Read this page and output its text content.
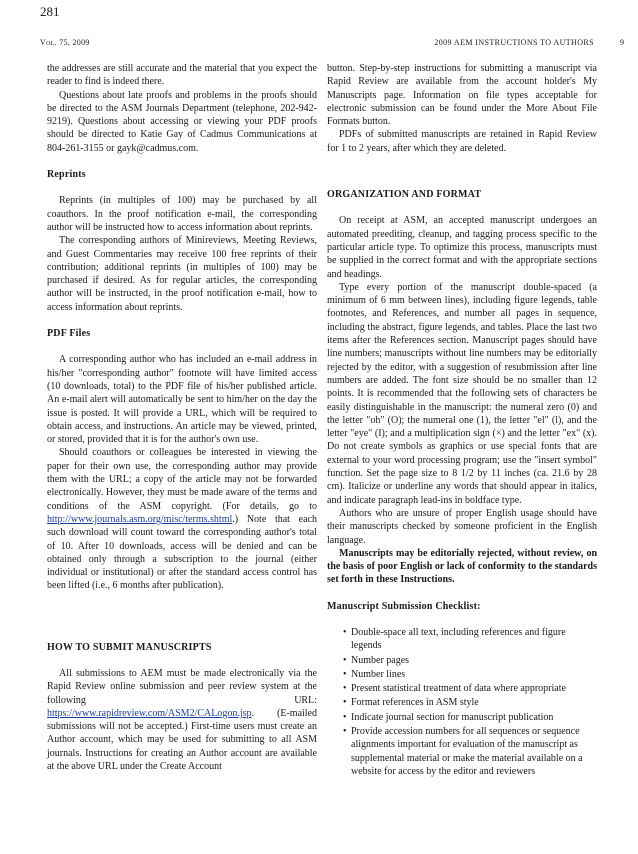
281
Vol. 75, 2009	2009 AEM INSTRUCTIONS TO AUTHORS	9

the addresses are still accurate and the material that you expect the reader to find is indeed there.

Questions about late proofs and problems in the proofs should be directed to the ASM Journals Department (telephone, 202-942-9219). Questions about accessing or viewing your PDF proofs should be directed to Katie Gay of Cadmus Communications at 804-261-3155 or gayk@cadmus.com.

Reprints

Reprints (in multiples of 100) may be purchased by all coauthors. In the proof notification e-mail, the corresponding author will be instructed how to access information about reprints.

The corresponding authors of Minireviews, Meeting Reviews, and Guest Commentaries may receive 100 free reprints of their contribution; additional reprints (in multiples of 100) may be purchased if desired. As for regular articles, the corresponding author will be instructed, in the proof notification e-mail, how to access information about reprints.

PDF Files

A corresponding author who has included an e-mail address in his/her "corresponding author" footnote will have limited access (10 downloads, total) to the PDF file of his/her published article. An e-mail alert will automatically be sent to him/her on the day the issue is posted. It will provide a URL, which will be required to obtain access, and instructions. An article may be viewed, printed, or stored, provided that it is for the author's own use.

Should coauthors or colleagues be interested in viewing the paper for their own use, the corresponding author may provide them with the URL; a copy of the article may not be forwarded electronically. However, they must be made aware of the terms and conditions of the ASM copyright. (For details, go to http://www.journals.asm.org/misc/terms.shtml.) Note that each such download will count toward the corresponding author's total of 10. After 10 downloads, access will be denied and can be obtained only through a subscription to the journal (either individual or institutional) or after the standard access control has been lifted (i.e., 6 months after publication).

HOW TO SUBMIT MANUSCRIPTS

All submissions to AEM must be made electronically via the Rapid Review online submission and peer review system at the following URL: https://www.rapidreview.com/ASM2/CALogon.jsp. (E-mailed submissions will not be accepted.) First-time users must create an Author account, which may be used for submitting to all ASM journals. Instructions for creating an Author account are available at the above URL under the Create Account

button. Step-by-step instructions for submitting a manuscript via Rapid Review are available from the account holder's My Manuscripts page. Information on file types acceptable for electronic submission can be found under the More About File Formats button.

PDFs of submitted manuscripts are retained in Rapid Review for 1 to 2 years, after which they are deleted.

ORGANIZATION AND FORMAT

On receipt at ASM, an accepted manuscript undergoes an automated preediting, cleanup, and tagging process specific to the particular article type. To optimize this process, manuscripts must be supplied in the correct format and with the appropriate sections and headings.

Type every portion of the manuscript double-spaced (a minimum of 6 mm between lines), including figure legends, table footnotes, and References, and number all pages in sequence, including the abstract, figure legends, and tables. Place the last two items after the References section. Manuscript pages should have line numbers; manuscripts without line numbers may be editorially rejected by the editor, with a suggestion of resubmission after line numbers are added. The font size should be no smaller than 12 points. It is recommended that the following sets of characters be easily distinguishable in the manuscript: the numeral zero (0) and the letter "oh" (O); the numeral one (1), the letter "el" (l), and the letter "eye" (I); and a multiplication sign (×) and the letter "ex" (x). Do not create symbols as graphics or use special fonts that are external to your word processing program; use the "insert symbol" function. Set the page size to 8 1/2 by 11 inches (ca. 21.6 by 28 cm). Italicize or underline any words that should appear in italics, and indicate paragraph lead-ins in boldface type.

Authors who are unsure of proper English usage should have their manuscripts checked by someone proficient in the English language.

Manuscripts may be editorially rejected, without review, on the basis of poor English or lack of conformity to the standards set forth in these Instructions.

Manuscript Submission Checklist:

• Double-space all text, including references and figure legends
• Number pages
• Number lines
• Present statistical treatment of data where appropriate
• Format references in ASM style
• Indicate journal section for manuscript publication
• Provide accession numbers for all sequences or sequence alignments important for evaluation of the manuscript as supplemental material or make the material available on a website for access by the editor and reviewers
